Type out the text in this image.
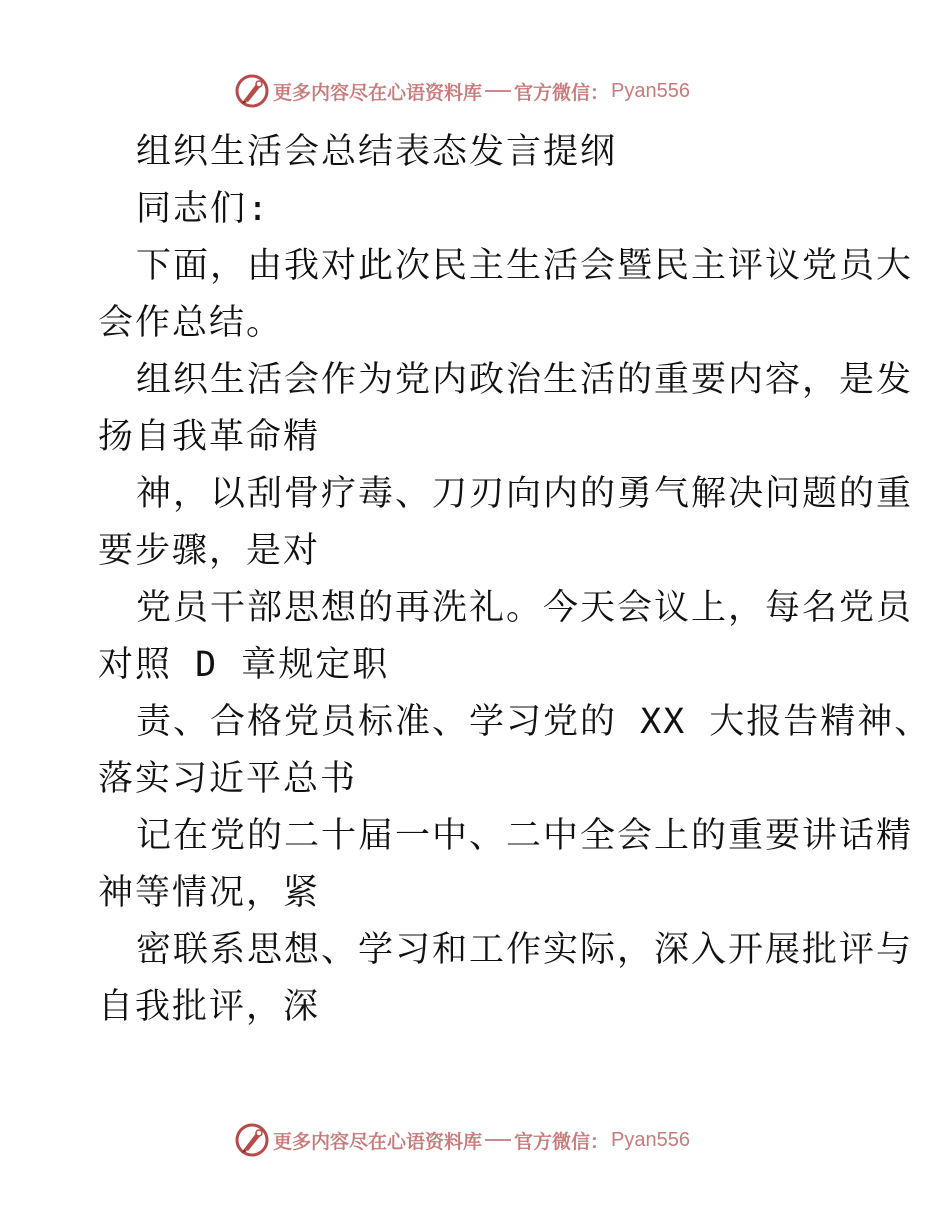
更多内容尽在心语资料库 官方微信： Pyan556
组织生活会总结表态发言提纲
同志们:
下面，由我对此次民主生活会暨民主评议党员大
会作总结。
组织生活会作为党内政治生活的重要内容，是发
扬自我革命精
神，以刮骨疗毒、刀刃向内的勇气解决问题的重
要步骤，是对
党员干部思想的再洗礼。今天会议上，每名党员
对照 D 章规定职
责、合格党员标准、学习党的 XX 大报告精神、
落实习近平总书
记在党的二十届一中、二中全会上的重要讲话精
神等情况，紧
密联系思想、学习和工作实际，深入开展批评与
自我批评，深
更多内容尽在心语资料库 官方微信： Pyan556
